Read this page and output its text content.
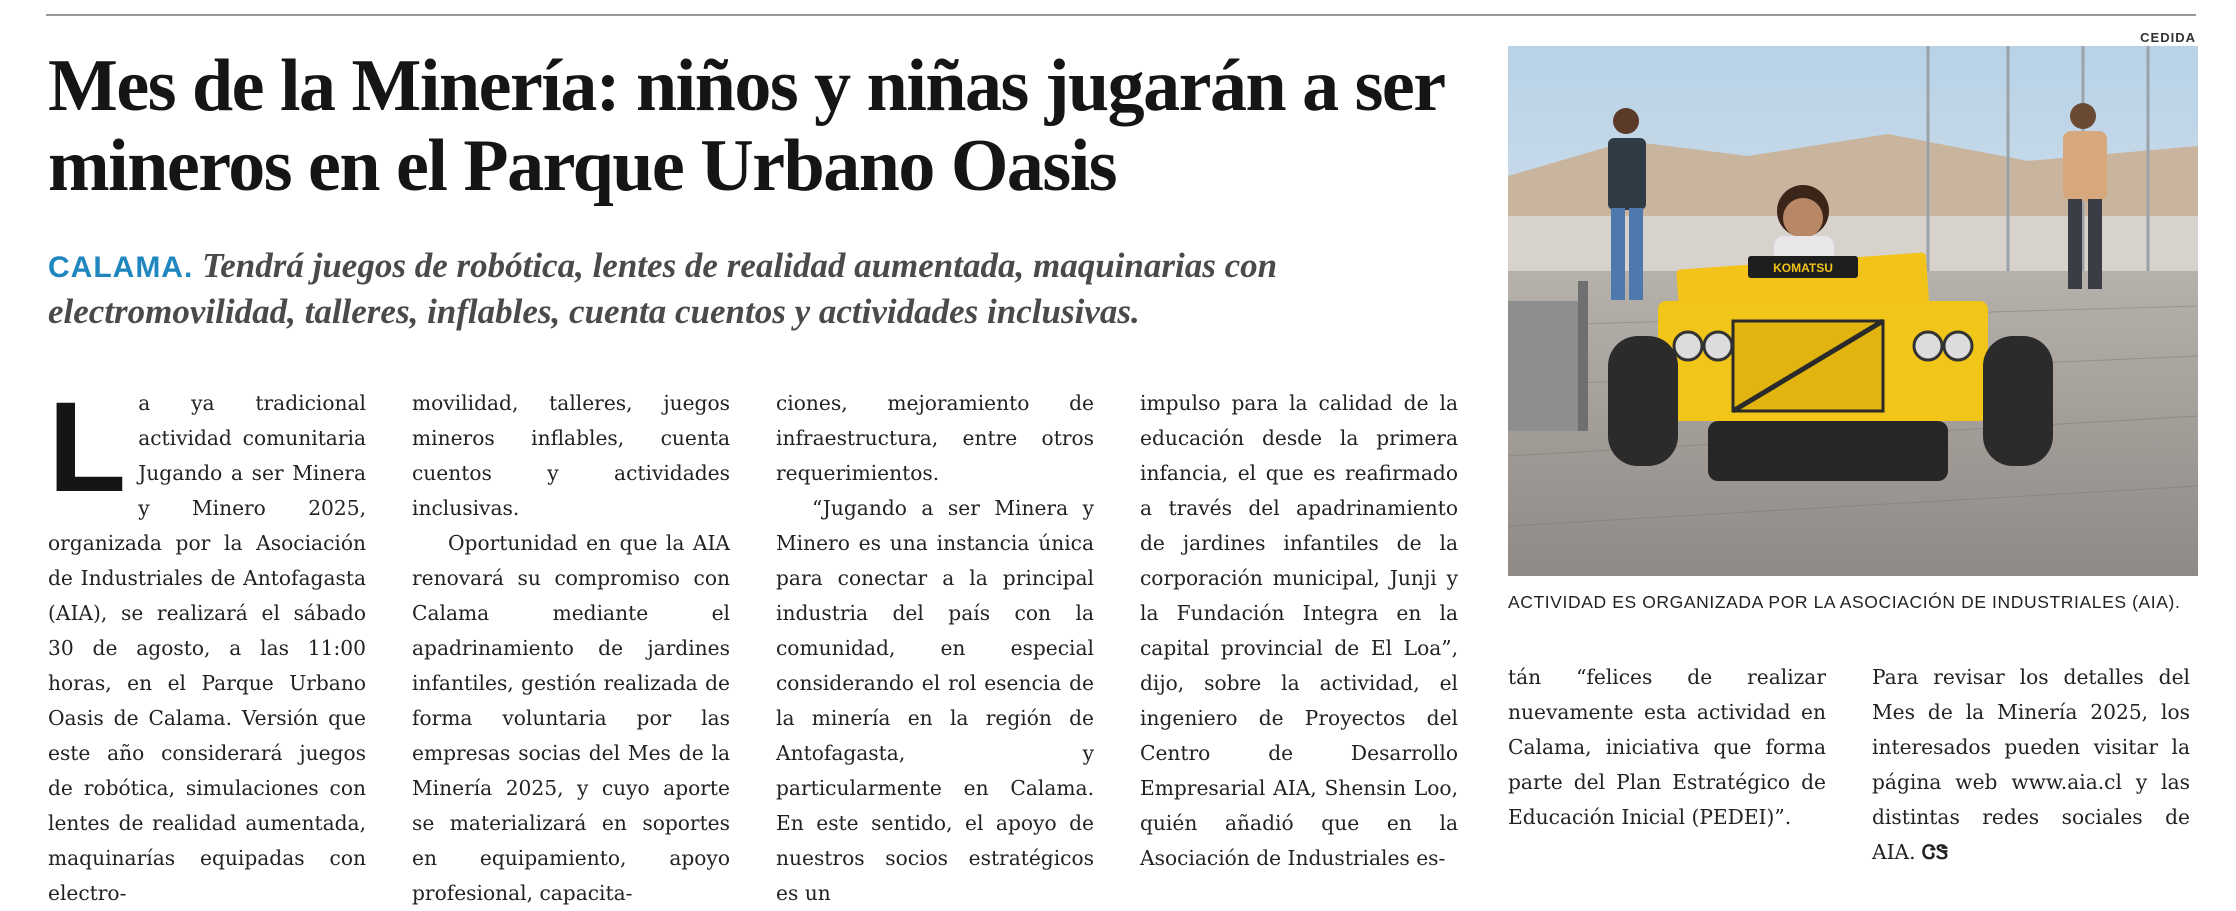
Mes de la Minería: niños y niñas jugarán a ser mineros en el Parque Urbano Oasis

CALAMA. Tendrá juegos de robótica, lentes de realidad aumentada, maquinarias con electromovilidad, talleres, inflables, cuenta cuentos y actividades inclusivas.

L a ya tradicional actividad comunitaria Jugando a ser Minera y Minero 2025, organizada por la Asociación de Industriales de Antofagasta (AIA), se realizará el sábado 30 de agosto, a las 11:00 horas, en el Parque Urbano Oasis de Calama. Versión que este año considerará juegos de robótica, simulaciones con lentes de realidad aumentada, maquinarías equipadas con electro-

movilidad, talleres, juegos mineros inflables, cuenta cuentos y actividades inclusivas.

Oportunidad en que la AIA renovará su compromiso con Calama mediante el apadrinamiento de jardines infantiles, gestión realizada de forma voluntaria por las empresas socias del Mes de la Minería 2025, y cuyo aporte se materializará en soportes en equipamiento, apoyo profesional, capacita-

ciones, mejoramiento de infraestructura, entre otros requerimientos.

“Jugando a ser Minera y Minero es una instancia única para conectar a la principal industria del país con la comunidad, en especial considerando el rol esencia de la minería en la región de Antofagasta, y particularmente en Calama. En este sentido, el apoyo de nuestros socios estratégicos es un

impulso para la calidad de la educación desde la primera infancia, el que es reafirmado a través del apadrinamiento de jardines infantiles de la corporación municipal, Junji y la Fundación Integra en la capital provincial de El Loa”, dijo, sobre la actividad, el ingeniero de Proyectos del Centro de Desarrollo Empresarial AIA, Shensin Loo, quién añadió que en la Asociación de Industriales es-

tán “felices de realizar nuevamente esta actividad en Calama, iniciativa que forma parte del Plan Estratégico de Educación Inicial (PEDEI)”.

Para revisar los detalles del Mes de la Minería 2025, los interesados pueden visitar la página web www.aia.cl y las distintas redes sociales de AIA. ᏣᏕ

CEDIDA
KOMATSU

ACTIVIDAD ES ORGANIZADA POR LA ASOCIACIÓN DE INDUSTRIALES (AIA).
